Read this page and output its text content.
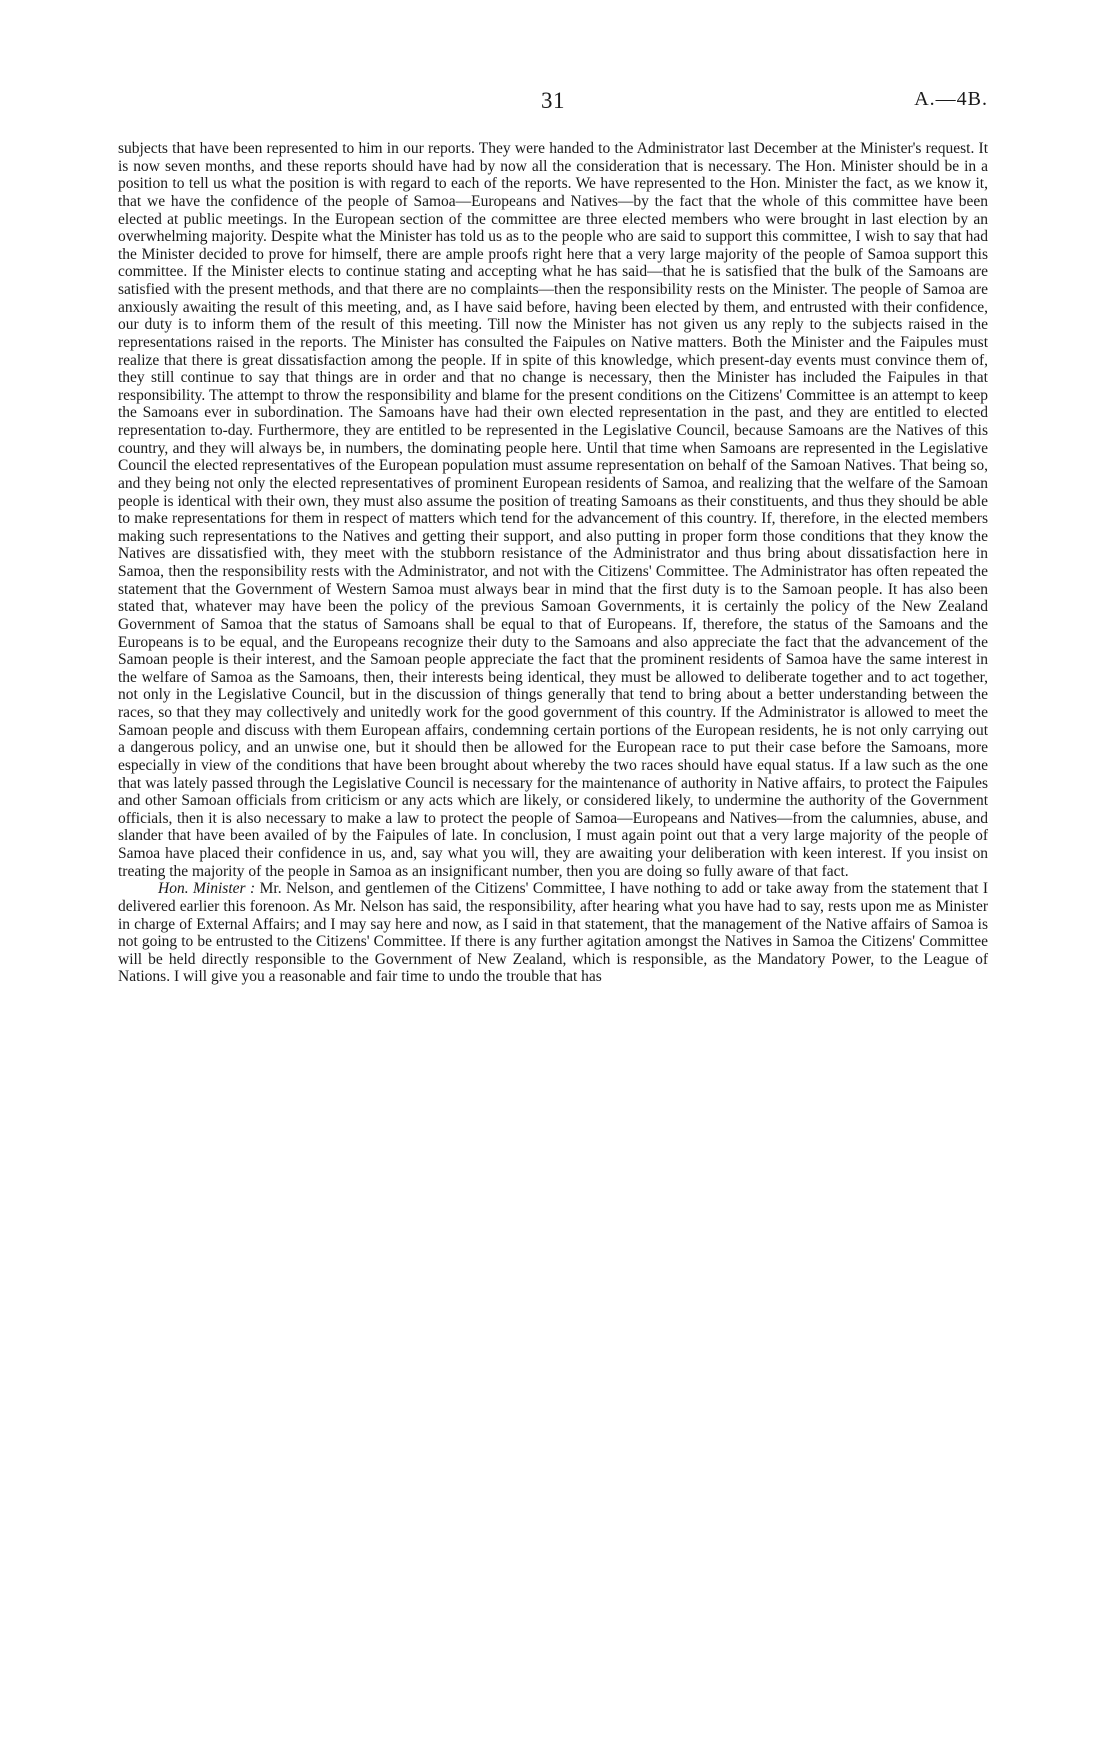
31	A.—4B.

subjects that have been represented to him in our reports. They were handed to the Administrator last December at the Minister's request. It is now seven months, and these reports should have had by now all the consideration that is necessary. The Hon. Minister should be in a position to tell us what the position is with regard to each of the reports. We have represented to the Hon. Minister the fact, as we know it, that we have the confidence of the people of Samoa—Europeans and Natives—by the fact that the whole of this committee have been elected at public meetings. In the European section of the committee are three elected members who were brought in last election by an overwhelming majority. Despite what the Minister has told us as to the people who are said to support this committee, I wish to say that had the Minister decided to prove for himself, there are ample proofs right here that a very large majority of the people of Samoa support this committee. If the Minister elects to continue stating and accepting what he has said—that he is satisfied that the bulk of the Samoans are satisfied with the present methods, and that there are no complaints—then the responsibility rests on the Minister. The people of Samoa are anxiously awaiting the result of this meeting, and, as I have said before, having been elected by them, and entrusted with their confidence, our duty is to inform them of the result of this meeting. Till now the Minister has not given us any reply to the subjects raised in the representations raised in the reports. The Minister has consulted the Faipules on Native matters. Both the Minister and the Faipules must realize that there is great dissatisfaction among the people. If in spite of this knowledge, which present-day events must convince them of, they still continue to say that things are in order and that no change is necessary, then the Minister has included the Faipules in that responsibility. The attempt to throw the responsibility and blame for the present conditions on the Citizens' Committee is an attempt to keep the Samoans ever in subordination. The Samoans have had their own elected representation in the past, and they are entitled to elected representation to-day. Furthermore, they are entitled to be represented in the Legislative Council, because Samoans are the Natives of this country, and they will always be, in numbers, the dominating people here. Until that time when Samoans are represented in the Legislative Council the elected representatives of the European population must assume representation on behalf of the Samoan Natives. That being so, and they being not only the elected representatives of prominent European residents of Samoa, and realizing that the welfare of the Samoan people is identical with their own, they must also assume the position of treating Samoans as their constituents, and thus they should be able to make representations for them in respect of matters which tend for the advancement of this country. If, therefore, in the elected members making such representations to the Natives and getting their support, and also putting in proper form those conditions that they know the Natives are dissatisfied with, they meet with the stubborn resistance of the Administrator and thus bring about dissatisfaction here in Samoa, then the responsibility rests with the Administrator, and not with the Citizens' Committee. The Administrator has often repeated the statement that the Government of Western Samoa must always bear in mind that the first duty is to the Samoan people. It has also been stated that, whatever may have been the policy of the previous Samoan Governments, it is certainly the policy of the New Zealand Government of Samoa that the status of Samoans shall be equal to that of Europeans. If, therefore, the status of the Samoans and the Europeans is to be equal, and the Europeans recognize their duty to the Samoans and also appreciate the fact that the advancement of the Samoan people is their interest, and the Samoan people appreciate the fact that the prominent residents of Samoa have the same interest in the welfare of Samoa as the Samoans, then, their interests being identical, they must be allowed to deliberate together and to act together, not only in the Legislative Council, but in the discussion of things generally that tend to bring about a better understanding between the races, so that they may collectively and unitedly work for the good government of this country. If the Administrator is allowed to meet the Samoan people and discuss with them European affairs, condemning certain portions of the European residents, he is not only carrying out a dangerous policy, and an unwise one, but it should then be allowed for the European race to put their case before the Samoans, more especially in view of the conditions that have been brought about whereby the two races should have equal status. If a law such as the one that was lately passed through the Legislative Council is necessary for the maintenance of authority in Native affairs, to protect the Faipules and other Samoan officials from criticism or any acts which are likely, or considered likely, to undermine the authority of the Government officials, then it is also necessary to make a law to protect the people of Samoa—Europeans and Natives—from the calumnies, abuse, and slander that have been availed of by the Faipules of late. In conclusion, I must again point out that a very large majority of the people of Samoa have placed their confidence in us, and, say what you will, they are awaiting your deliberation with keen interest. If you insist on treating the majority of the people in Samoa as an insignificant number, then you are doing so fully aware of that fact.

Hon. Minister : Mr. Nelson, and gentlemen of the Citizens' Committee, I have nothing to add or take away from the statement that I delivered earlier this forenoon. As Mr. Nelson has said, the responsibility, after hearing what you have had to say, rests upon me as Minister in charge of External Affairs; and I may say here and now, as I said in that statement, that the management of the Native affairs of Samoa is not going to be entrusted to the Citizens' Committee. If there is any further agitation amongst the Natives in Samoa the Citizens' Committee will be held directly responsible to the Government of New Zealand, which is responsible, as the Mandatory Power, to the League of Nations. I will give you a reasonable and fair time to undo the trouble that has
